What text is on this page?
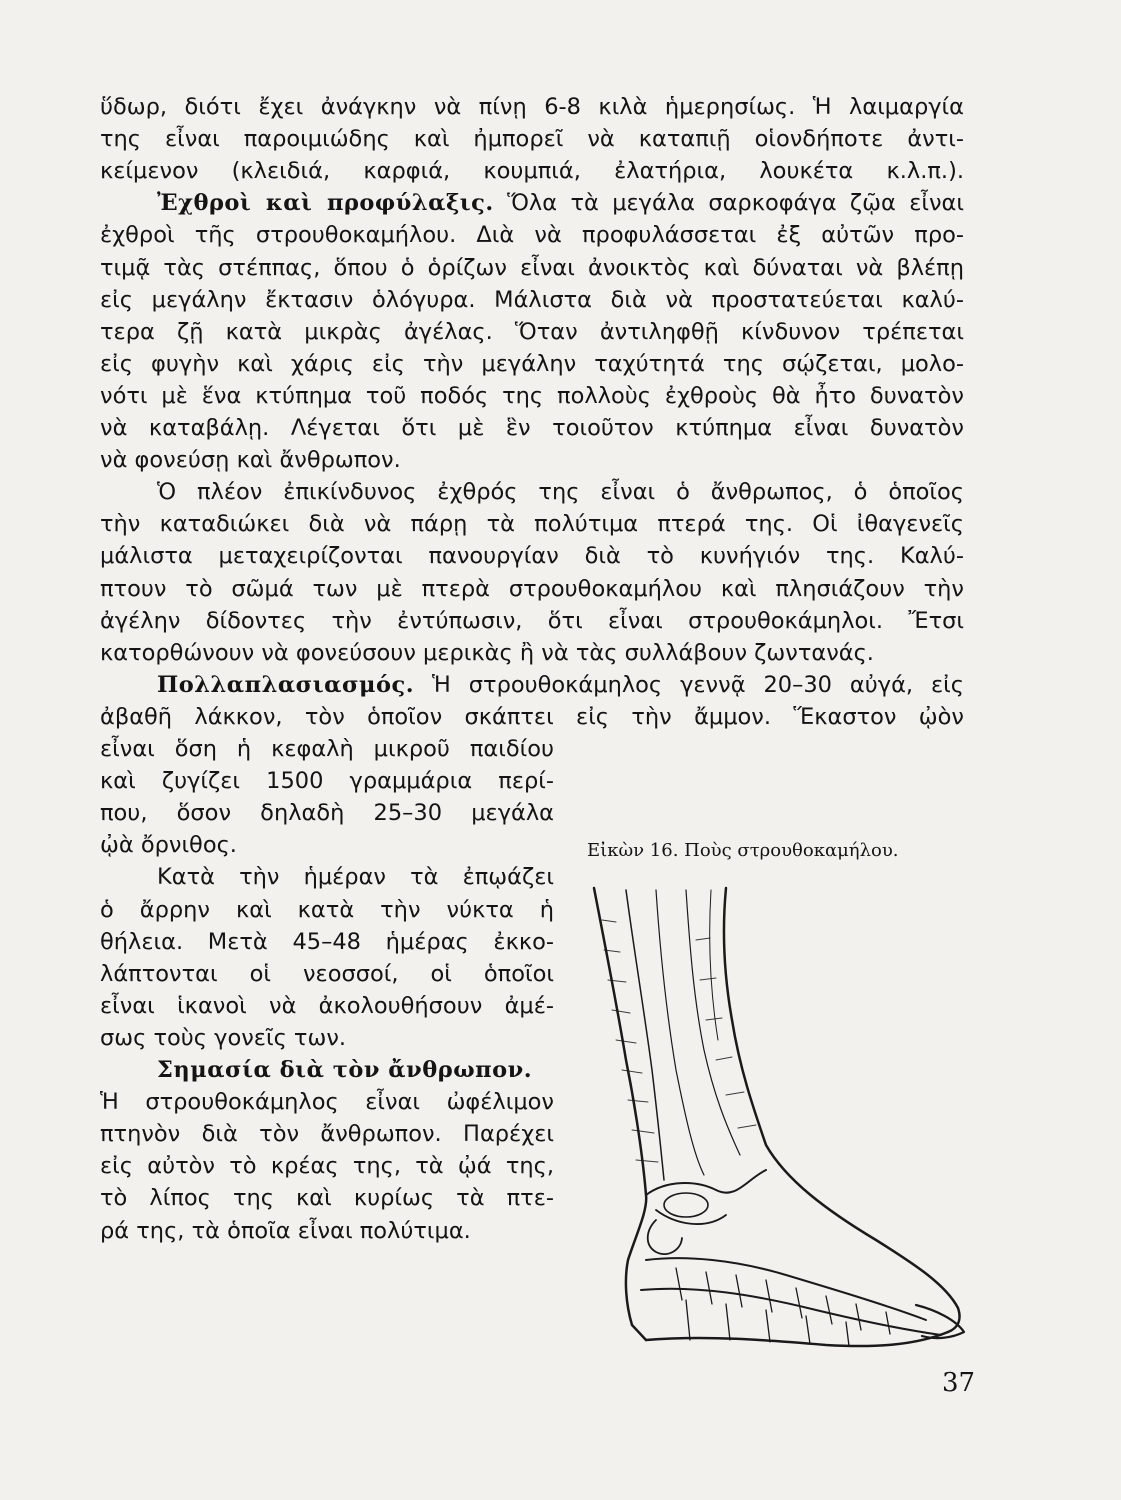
ὕδωρ, διότι ἔχει ἀνάγκην νὰ πίνῃ 6-8 κιλὰ ἡμερησίως. Ἡ λαιμαργία
της εἶναι παροιμιώδης καὶ ἠμπορεῖ νὰ καταπιῇ οἱονδήποτε ἀντι-
κείμενον (κλειδιά, καρφιά, κουμπιά, ἐλατήρια, λουκέτα κ.λ.π.).
Ἐχθροὶ καὶ προφύλαξις. Ὅλα τὰ μεγάλα σαρκοφάγα ζῷα εἶναι
ἐχθροὶ τῆς στρουθοκαμήλου. Διὰ νὰ προφυλάσσεται ἐξ αὐτῶν προ-
τιμᾷ τὰς στέππας, ὅπου ὁ ὁρίζων εἶναι ἀνοικτὸς καὶ δύναται νὰ βλέπῃ
εἰς μεγάλην ἔκτασιν ὁλόγυρα. Μάλιστα διὰ νὰ προστατεύεται καλύ-
τερα ζῇ κατὰ μικρὰς ἀγέλας. Ὅταν ἀντιληφθῇ κίνδυνον τρέπεται
εἰς φυγὴν καὶ χάρις εἰς τὴν μεγάλην ταχύτητά της σῴζεται, μολο-
νότι μὲ ἕνα κτύπημα τοῦ ποδός της πολλοὺς ἐχθροὺς θὰ ἦτο δυνατὸν
νὰ καταβάλῃ. Λέγεται ὅτι μὲ ἓν τοιοῦτον κτύπημα εἶναι δυνατὸν
νὰ φονεύσῃ καὶ ἄνθρωπον.
Ὁ πλέον ἐπικίνδυνος ἐχθρός της εἶναι ὁ ἄνθρωπος, ὁ ὁποῖος
τὴν καταδιώκει διὰ νὰ πάρῃ τὰ πολύτιμα πτερά της. Οἱ ἰθαγενεῖς
μάλιστα μεταχειρίζονται πανουργίαν διὰ τὸ κυνήγιόν της. Καλύ-
πτουν τὸ σῶμά των μὲ πτερὰ στρουθοκαμήλου καὶ πλησιάζουν τὴν
ἀγέλην δίδοντες τὴν ἐντύπωσιν, ὅτι εἶναι στρουθοκάμηλοι. Ἔτσι
κατορθώνουν νὰ φονεύσουν μερικὰς ἢ νὰ τὰς συλλάβουν ζωντανάς.
Πολλαπλασιασμός. Ἡ στρουθοκάμηλος γεννᾷ 20–30 αὐγά, εἰς
ἀβαθῆ λάκκον, τὸν ὁποῖον σκάπτει εἰς τὴν ἄμμον. Ἕκαστον ᾠὸν
εἶναι ὅση ἡ κεφαλὴ μικροῦ παιδίου
καὶ ζυγίζει 1500 γραμμάρια περί-
που, ὅσον δηλαδὴ 25–30 μεγάλα
ᾠὰ ὄρνιθος.
Κατὰ τὴν ἡμέραν τὰ ἐπῳάζει
ὁ ἄρρην καὶ κατὰ τὴν νύκτα ἡ
θήλεια. Μετὰ 45–48 ἡμέρας ἐκκο-
λάπτονται οἱ νεοσσοί, οἱ ὁποῖοι
εἶναι ἱκανοὶ νὰ ἀκολουθήσουν ἀμέ-
σως τοὺς γονεῖς των.
Σημασία διὰ τὸν ἄνθρωπον.
Ἡ στρουθοκάμηλος εἶναι ὠφέλιμον
πτηνὸν διὰ τὸν ἄνθρωπον. Παρέχει
εἰς αὐτὸν τὸ κρέας της, τὰ ᾠά της,
τὸ λίπος της καὶ κυρίως τὰ πτε-
ρά της, τὰ ὁποῖα εἶναι πολύτιμα.
Εἰκὼν 16. Ποὺς στρουθοκαμήλου.
37
